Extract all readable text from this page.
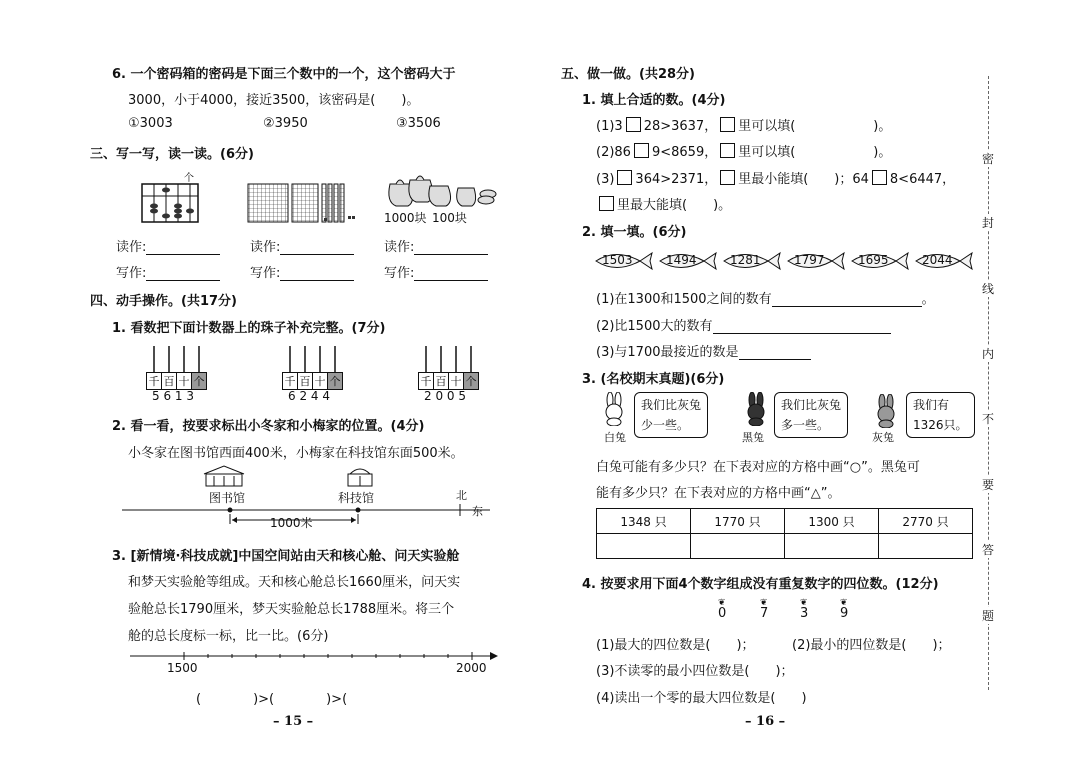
6. 一个密码箱的密码是下面三个数中的一个，这个密码大于
3000，小于4000，接近3500，该密码是(　　)。
①3003	②3950	③3506
三、写一写，读一读。(6分)
个
1000块 100块
读作:	读作:	读作:
写作:	写作:	写作:
四、动手操作。(共17分)
1. 看数把下面计数器上的珠子补充完整。(7分)
千 百 十 个
5 6 1 3
千 百 十 个
6 2 4 4
千 百 十 个
2 0 0 5
2. 看一看，按要求标出小冬家和小梅家的位置。(4分)
小冬家在图书馆西面400米，小梅家在科技馆东面500米。
图书馆	科技馆
1000米
北
东
3. [新情境·科技成就]中国空间站由天和核心舱、问天实验舱
和梦天实验舱等组成。天和核心舱总长1660厘米，问天实
验舱总长1790厘米，梦天实验舱总长1788厘米。将三个
舱的总长度标一标，比一比。(6分)
1500	2000
(　　　　)>(　　　　)>(
– 15 –
五、做一做。(共28分)
1. 填上合适的数。(4分)
(1)3 28>3637， 里可以填(　　　　　　)。
(2)86 9<8659， 里可以填(　　　　　　)。
(3) 364>2371， 里最小能填(　　)；64 8<6447，
里最大能填(　　)。
2. 填一填。(6分)
1503	1494	1281	1797	1695	2044
(1)在1300和1500之间的数有	。
(2)比1500大的数有
(3)与1700最接近的数是
3. (名校期末真题)(6分)
白兔
我们比灰兔
少一些。
黑兔
我们比灰兔
多一些。
灰兔
我们有
1326只。
白兔可能有多少只？在下表对应的方格中画“○”。黑兔可
能有多少只？在下表对应的方格中画“△”。
1348 只	1770 只	1300 只	2770 只

4. 按要求用下面4个数字组成没有重复数字的四位数。(12分)
❦
0
❦
7
❦
3
❦
9
(1)最大的四位数是(　　)；	(2)最小的四位数是(　　)；
(3)不读零的最小四位数是(　　)；
(4)读出一个零的最大四位数是(　　)
– 16 –
密
封
线
内
不
要
答
题
